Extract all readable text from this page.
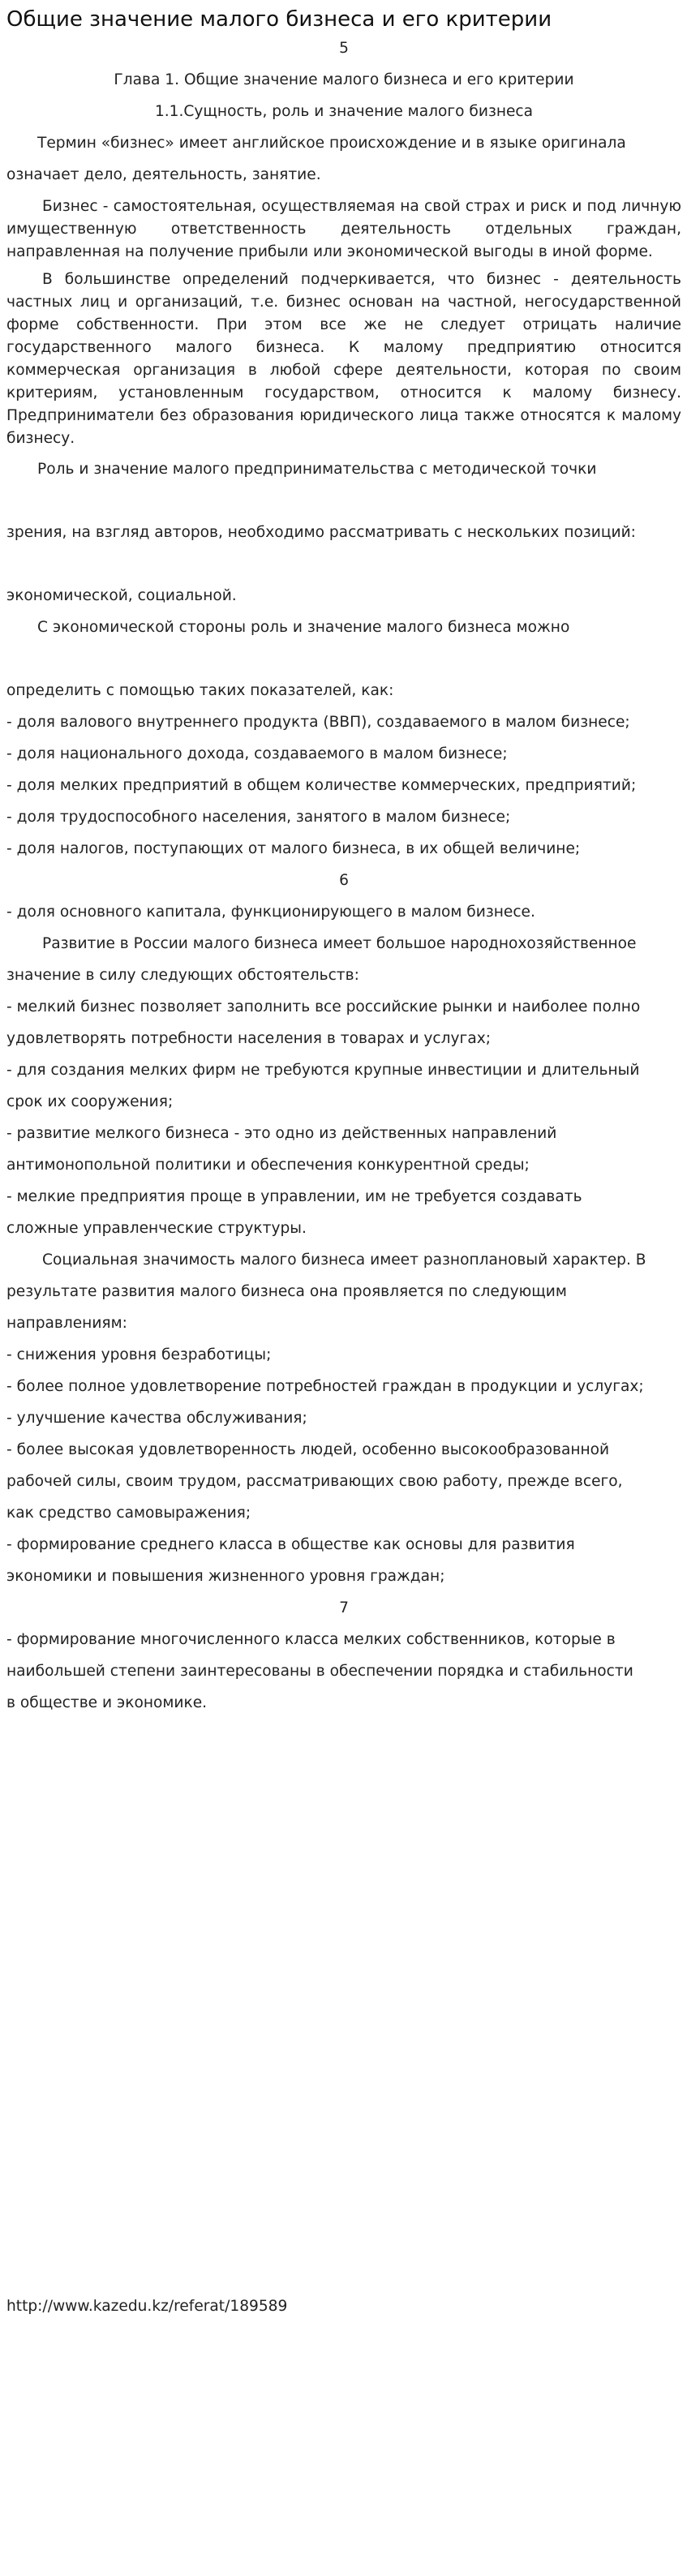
Общие значение малого бизнеса и его критерии

5

Глава 1. Общие значение малого бизнеса и его критерии

1.1.Сущность, роль и значение малого бизнеса

Термин «бизнес» имеет английское происхождение и в языке оригинала

означает дело, деятельность, занятие.

Бизнес - самостоятельная, осуществляемая на свой страх и риск и под личную имущественную ответственность деятельность отдельных граждан, направленная на получение прибыли или экономической выгоды в иной форме.

В большинстве определений подчеркивается, что бизнес - деятельность частных лиц и организаций, т.е. бизнес основан на частной, негосударственной форме собственности. При этом все же не следует отрицать наличие государственного малого бизнеса. К малому предприятию относится коммерческая организация в любой сфере деятельности, которая по своим критериям, установленным государством, относится к малому бизнесу. Предприниматели без образования юридического лица также относятся к малому бизнесу.

Роль и значение малого предпринимательства с методической точки

зрения, на взгляд авторов, необходимо рассматривать с нескольких позиций:

экономической, социальной.

С экономической стороны роль и значение малого бизнеса можно

определить с помощью таких показателей, как:

- доля валового внутреннего продукта (ВВП), создаваемого в малом бизнесе;

- доля национального дохода, создаваемого в малом бизнесе;

- доля мелких предприятий в общем количестве коммерческих, предприятий;

- доля трудоспособного населения, занятого в малом бизнесе;

- доля налогов, поступающих от малого бизнеса, в их общей величине;

6

- доля основного капитала, функционирующего в малом бизнесе.

Развитие в России малого бизнеса имеет большое народнохозяйственное

значение в силу следующих обстоятельств:

- мелкий бизнес позволяет заполнить все российские рынки и наиболее полно

удовлетворять потребности населения в товарах и услугах;

- для создания мелких фирм не требуются крупные инвестиции и длительный

срок их сооружения;

- развитие мелкого бизнеса - это одно из действенных направлений

антимонопольной политики и обеспечения конкурентной среды;

- мелкие предприятия проще в управлении, им не требуется создавать

сложные управленческие структуры.

Социальная значимость малого бизнеса имеет разноплановый характер. В

результате развития малого бизнеса она проявляется по следующим

направлениям:

- снижения уровня безработицы;

- более полное удовлетворение потребностей граждан в продукции и услугах;

- улучшение качества обслуживания;

- более высокая удовлетворенность людей, особенно высокообразованной

рабочей силы, своим трудом, рассматривающих свою работу, прежде всего,

как средство самовыражения;

- формирование среднего класса в обществе как основы для развития

экономики и повышения жизненного уровня граждан;

7

- формирование многочисленного класса мелких собственников, которые в

наибольшей степени заинтересованы в обеспечении порядка и стабильности

в обществе и экономике.

http://www.kazedu.kz/referat/189589
